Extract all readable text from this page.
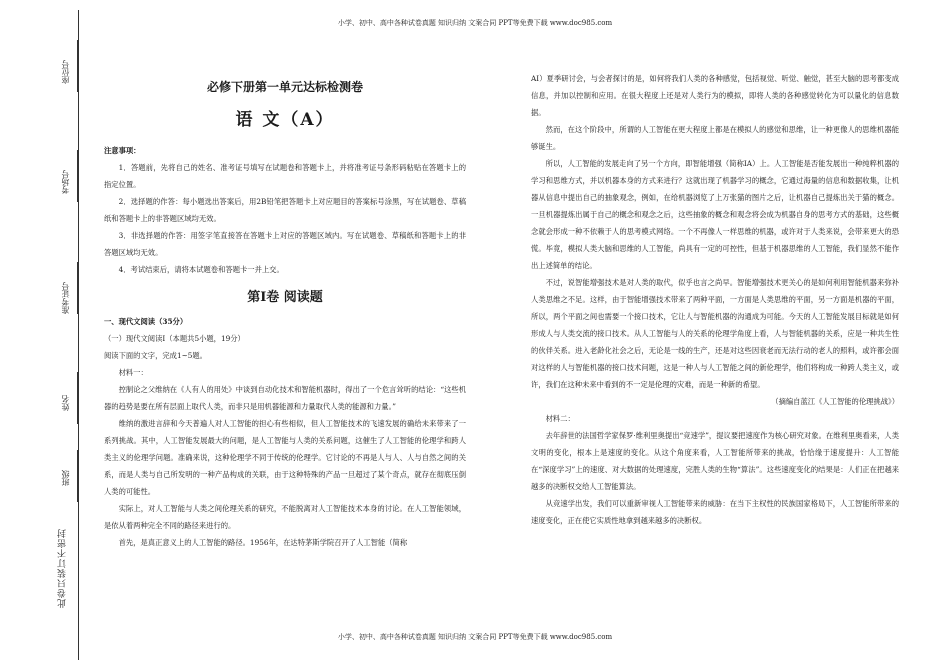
小学、初中、高中各种试卷真题 知识归纳 文案合同 PPT等免费下载 www.doc985.com
小学、初中、高中各种试卷真题 知识归纳 文案合同 PPT等免费下载 www.doc985.com
座位号
考场号
准考证号
姓名
班级
此卷只装订不密封
必修下册第一单元达标检测卷
语 文（A）
注意事项：

1．答题前，先将自己的姓名、准考证号填写在试题卷和答题卡上，并将准考证号条形码粘贴在答题卡上的指定位置。

2．选择题的作答：每小题选出答案后，用2B铅笔把答题卡上对应题目的答案标号涂黑，写在试题卷、草稿纸和答题卡上的非答题区域均无效。

3．非选择题的作答：用签字笔直接答在答题卡上对应的答题区域内。写在试题卷、草稿纸和答题卡上的非答题区域均无效。

4．考试结束后，请将本试题卷和答题卡一并上交。

第Ⅰ卷 阅读题

一、现代文阅读（35分）

（一）现代文阅读Ⅰ（本题共5小题，19分）

阅读下面的文字，完成1~5题。

材料一：

控制论之父维纳在《人有人的用处》中谈到自动化技术和智能机器时，得出了一个危言耸听的结论：“这些机器的趋势是要在所有层面上取代人类，而非只是用机器能源和力量取代人类的能源和力量。”

维纳的激进言辞和今天普遍人对人工智能的担心有些相似，但人工智能技术的飞速发展的确给未来带来了一系列挑战。其中，人工智能发展最大的问题，是人工智能与人类的关系问题，这催生了人工智能的伦理学和跨人类主义的伦理学问题。准确来说，这种伦理学不同于传统的伦理学。它讨论的不再是人与人、人与自然之间的关系，而是人类与自己所发明的一种产品构成的关联，由于这种特殊的产品一旦超过了某个奇点，就存在彻底压倒人类的可能性。

实际上，对人工智能与人类之间伦理关系的研究，不能脱离对人工智能技术本身的讨论。在人工智能领域，是依从着两种完全不同的路径来进行的。

首先，是真正意义上的人工智能的路径。1956年，在达特茅斯学院召开了人工智能（简称

AI）夏季研讨会，与会者探讨的是，如何将我们人类的各种感觉，包括视觉、听觉、触觉，甚至大脑的思考都变成信息，并加以控制和应用。在很大程度上还是对人类行为的模拟，即将人类的各种感觉转化为可以量化的信息数据。

然而，在这个阶段中，所谓的人工智能在更大程度上都是在模拟人的感觉和思维，让一种更像人的思维机器能够诞生。

所以，人工智能的发展走向了另一个方向，即智能增强（简称IA）上。人工智能是否能发展出一种纯粹机器的学习和思维方式，并以机器本身的方式来进行？这就出现了机器学习的概念，它通过海量的信息和数据收集，让机器从信息中提出自己的抽象观念，例如，在给机器浏览了上万张猫的图片之后，让机器自己提炼出关于猫的概念。一旦机器提炼出属于自己的概念和观念之后，这些抽象的概念和观念将会成为机器自身的思考方式的基础，这些概念就会形成一种不依赖于人的思考模式网络。一个不再像人一样思维的机器，或许对于人类来说，会带来更大的恐慌。毕竟，模拟人类大脑和思维的人工智能，尚具有一定的可控性，但基于机器思维的人工智能，我们显然不能作出上述简单的结论。

不过，说智能增强技术是对人类的取代，似乎也言之尚早。智能增强技术更关心的是如何利用智能机器来弥补人类思维之不足。这样，由于智能增强技术带来了两种平面，一方面是人类思维的平面，另一方面是机器的平面，所以，两个平面之间也需要一个接口技术，它让人与智能机器的沟通成为可能。今天的人工智能发展目标就是如何形成人与人类交流的接口技术。从人工智能与人的关系的伦理学角度上看，人与智能机器的关系，应是一种共生性的伙伴关系。进入老龄化社会之后，无论是一线的生产，还是对这些因衰老而无法行动的老人的照料，或许都会面对这样的人与智能机器的接口技术问题，这是一种人与人工智能之间的新伦理学，他们将构成一种跨人类主义，或许，我们在这种未来中看到的不一定是伦理的灾难，而是一种新的希望。

（摘编自蓝江《人工智能的伦理挑战》）

材料二：

去年辞世的法国哲学家保罗·维利里奥提出“竞速学”，提议要把速度作为核心研究对象。在维利里奥看来，人类文明的变化，根本上是速度的变化。从这个角度来看，人工智能所带来的挑战，恰恰缘于速度提升：人工智能在“深度学习”上的速度、对大数据的处理速度，完胜人类的生物“算法”。这些速度变化的结果是：人们正在把越来越多的决断权交给人工智能算法。

从竞速学出发，我们可以重新审视人工智能带来的威胁：在当下主权性的民族国家格局下，人工智能所带来的速度变化，正在使它实质性地拿到越来越多的决断权。
